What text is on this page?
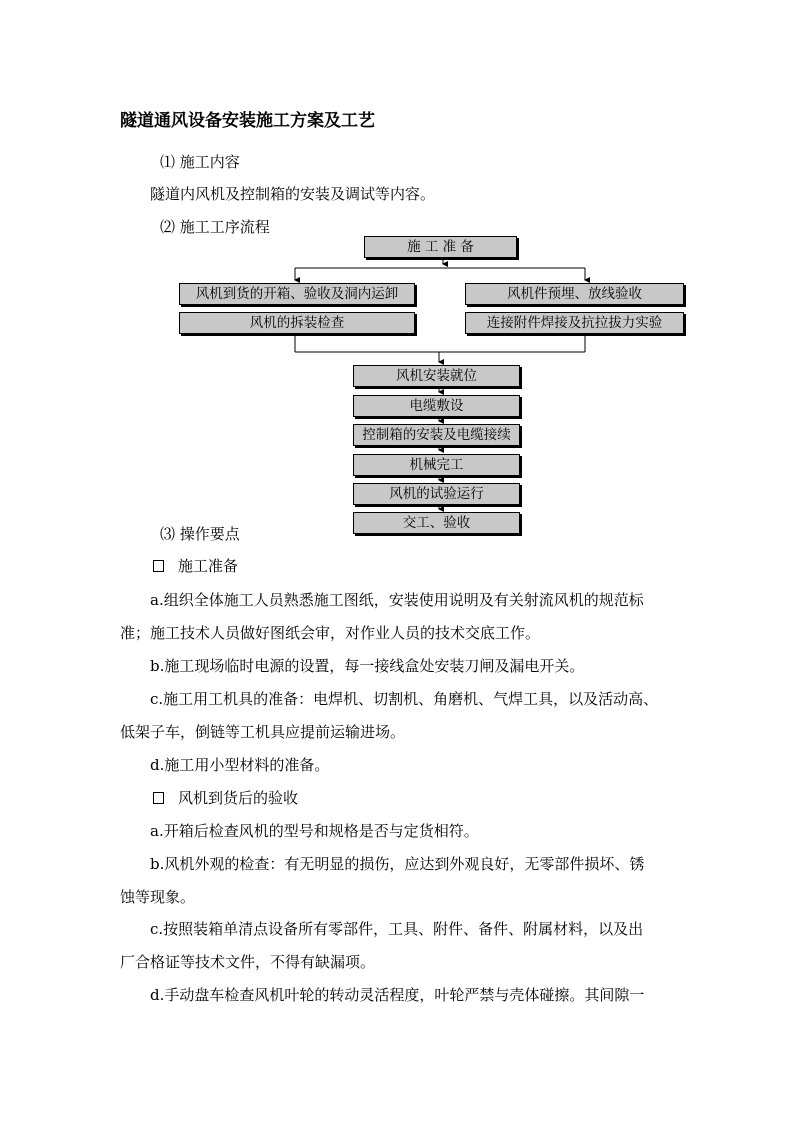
隧道通风设备安装施工方案及工艺
⑴ 施工内容
隧道内风机及控制箱的安装及调试等内容。
⑵ 施工工序流程
施 工 准 备
风机到货的开箱、验收及洞内运卸
风机的拆装检查
风机件预埋、放线验收
连接附件焊接及抗拉拔力实验
风机安装就位
电缆敷设
控制箱的安装及电缆接续
机械完工
风机的试验运行
交工、验收
⑶ 操作要点
施工准备
a.组织全体施工人员熟悉施工图纸，安装使用说明及有关射流风机的规范标
准；施工技术人员做好图纸会审，对作业人员的技术交底工作。
b.施工现场临时电源的设置，每一接线盒处安装刀闸及漏电开关。
c.施工用工机具的准备：电焊机、切割机、角磨机、气焊工具，以及活动高、
低架子车，倒链等工机具应提前运输进场。
d.施工用小型材料的准备。
风机到货后的验收
a.开箱后检查风机的型号和规格是否与定货相符。
b.风机外观的检查：有无明显的损伤，应达到外观良好，无零部件损坏、锈
蚀等现象。
c.按照装箱单清点设备所有零部件，工具、附件、备件、附属材料，以及出
厂合格证等技术文件，不得有缺漏项。
d.手动盘车检查风机叶轮的转动灵活程度，叶轮严禁与壳体碰擦。其间隙一
